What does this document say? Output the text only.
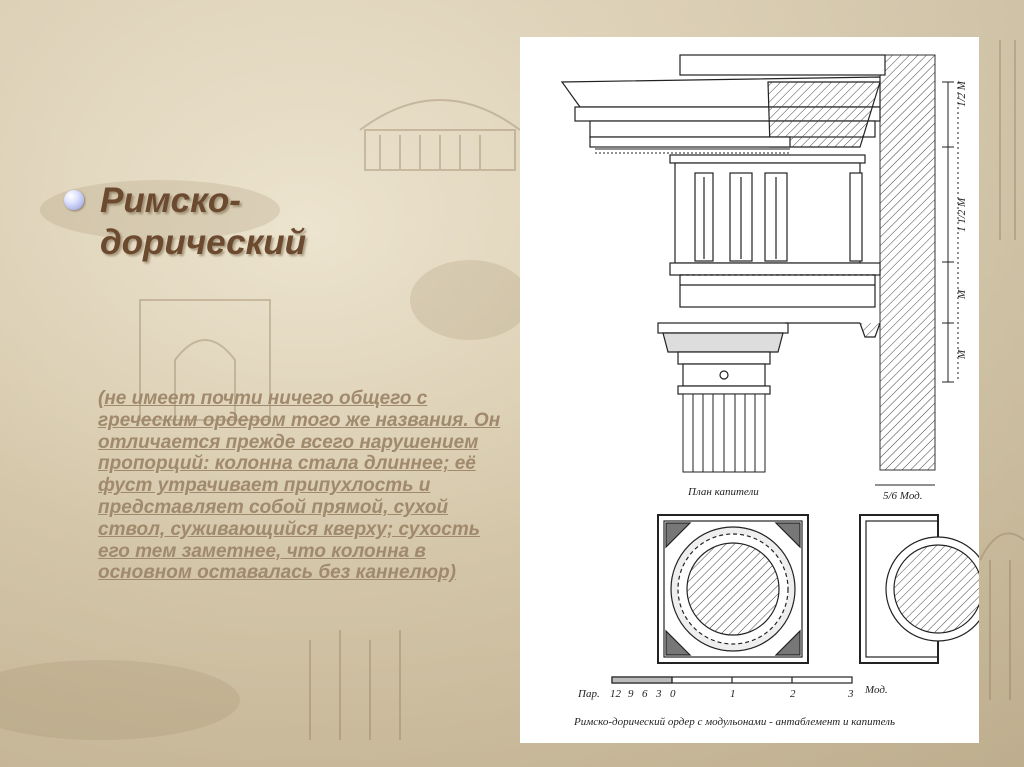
Римско-
дорический
(не имеет почти ничего общего с греческим ордером того же названия. Он отличается прежде всего нарушением пропорций: колонна стала длиннее; её фуст утрачивает припухлость и представляет собой прямой, сухой ствол, суживающийся кверху; сухость его тем заметнее, что колонна в основном оставалась без каннелюр)
1/2 М
1 1/2 М
М
М
План капители	5/6 Мод.
Пар. 12 9 6 3 0	1	2	3 Мод.
Римско-дорический ордер с модульонами - антаблемент и капитель
